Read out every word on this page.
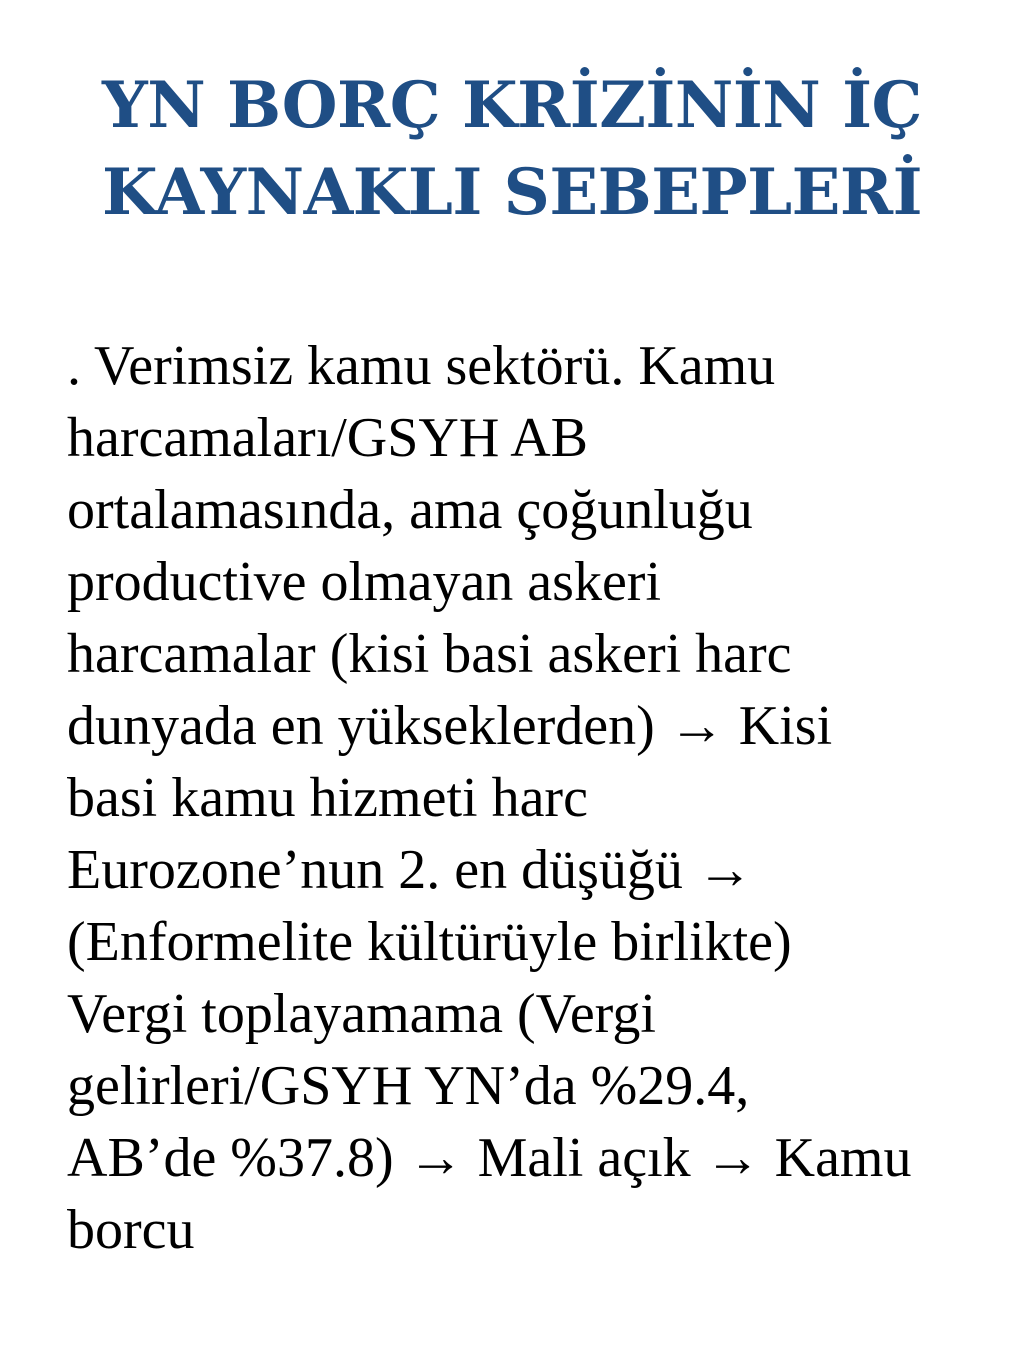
YN BORÇ KRİZİNİN İÇ
KAYNAKLI SEBEPLERİ
. Verimsiz kamu sektörü. Kamu
harcamaları/GSYH AB
ortalamasında, ama çoğunluğu
productive olmayan askeri
harcamalar (kisi basi askeri harc
dunyada en yükseklerden) → Kisi
basi kamu hizmeti harc
Eurozone’nun 2. en düşüğü →
(Enformelite kültürüyle birlikte)
Vergi toplayamama (Vergi
gelirleri/GSYH YN’da %29.4,
AB’de %37.8) → Mali açık → Kamu
borcu
